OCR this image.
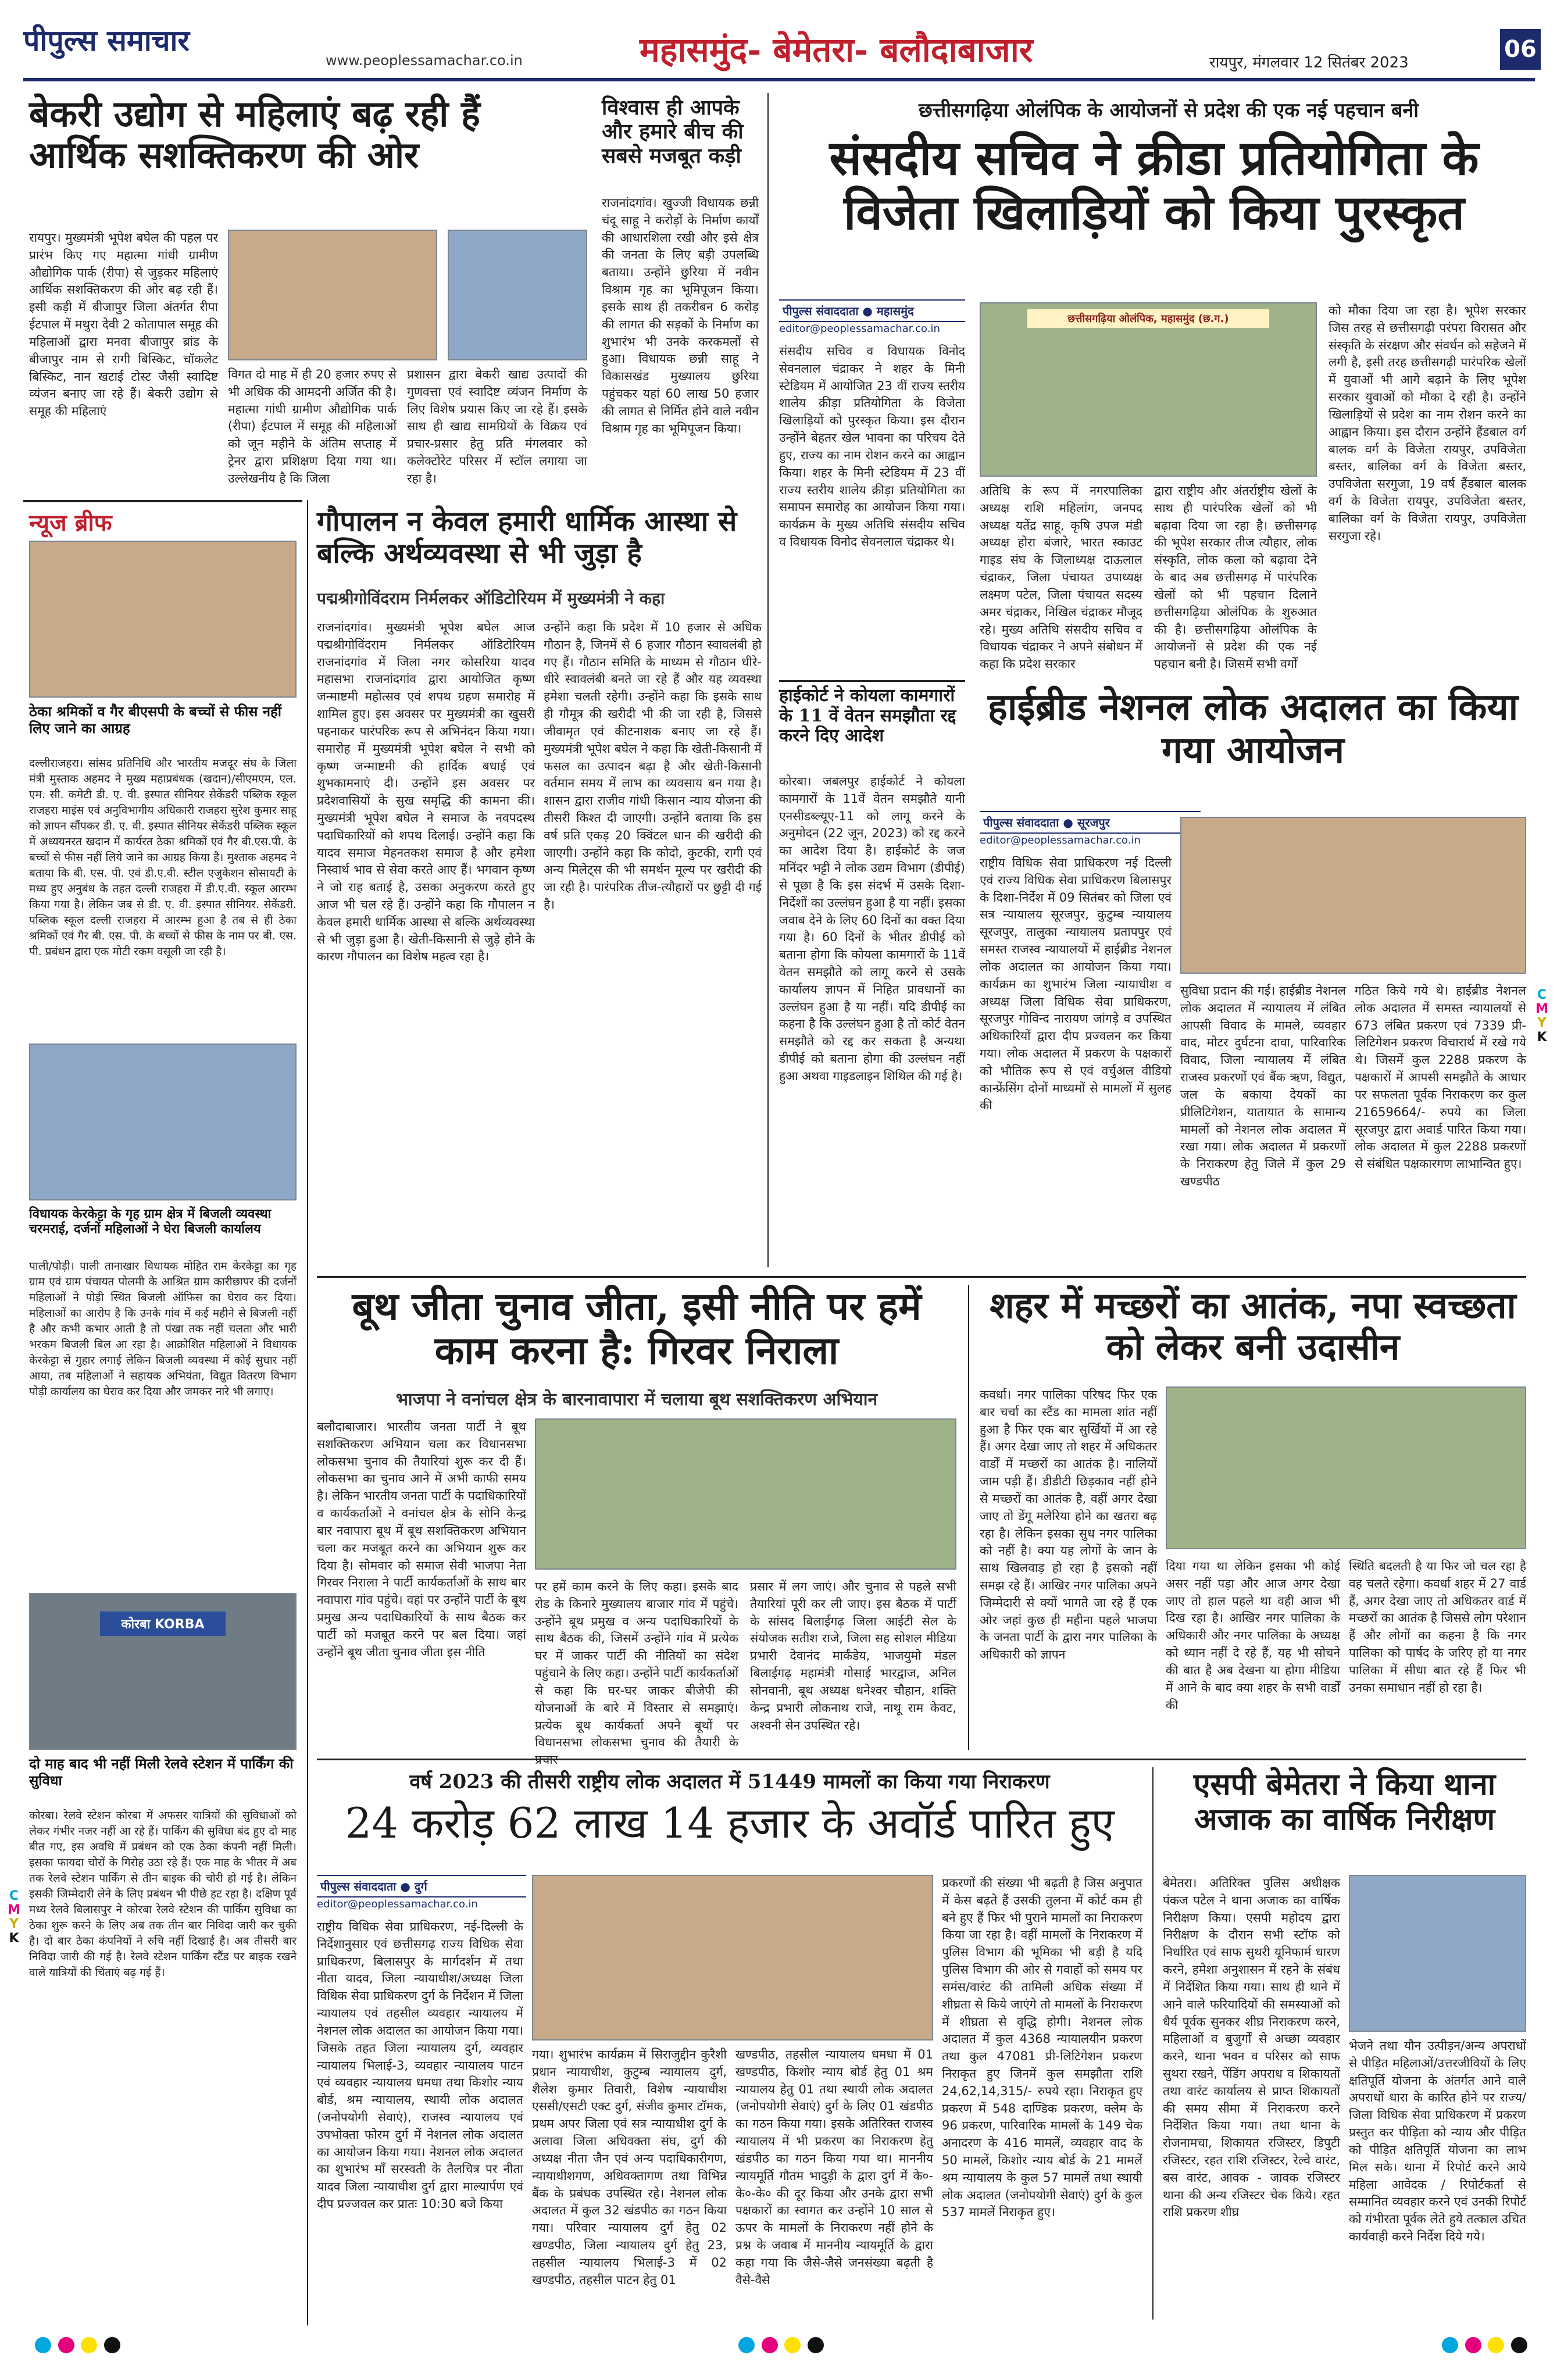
पीपुल्स समाचार
www.peoplessamachar.co.in	महासमुंद- बेमेतरा- बलौदाबाजार	रायपुर, मंगलवार 12 सितंबर 2023	06
बेकरी उद्योग से महिलाएं बढ़ रही हैं आर्थिक सशक्तिकरण की ओर
रायपुर। मुख्यमंत्री भूपेश बघेल की पहल पर प्रारंभ किए गए महात्मा गांधी ग्रामीण औद्योगिक पार्क (रीपा) से जुड़कर महिलाएं आर्थिक सशक्तिकरण की ओर बढ़ रही हैं। इसी कड़ी में बीजापुर जिला अंतर्गत रीपा ईटपाल में मथुरा देवी 2 कोतापाल समूह की महिलाओं द्वारा मनवा बीजापुर ब्रांड के बीजापुर नाम से रागी बिस्किट, चॉकलेट बिस्किट, नान खटाई टोस्ट जैसी स्वादिष्ट व्यंजन बनाए जा रहे हैं। बेकरी उद्योग से समूह की महिलाएं
विगत दो माह में ही 20 हजार रुपए से भी अधिक की आमदनी अर्जित की है। महात्मा गांधी ग्रामीण औद्योगिक पार्क (रीपा) ईटपाल में समूह की महिलाओं को जून महीने के अंतिम सप्ताह में ट्रेनर द्वारा प्रशिक्षण दिया गया था। उल्लेखनीय है कि जिला
प्रशासन द्वारा बेकरी खाद्य उत्पादों की गुणवत्ता एवं स्वादिष्ट व्यंजन निर्माण के लिए विशेष प्रयास किए जा रहे हैं। इसके साथ ही खाद्य सामग्रियों के विक्रय एवं प्रचार-प्रसार हेतु प्रति मंगलवार को कलेक्टोरेट परिसर में स्टॉल लगाया जा रहा है।
विश्वास ही आपके और हमारे बीच की सबसे मजबूत कड़ी
राजनांदगांव। खुज्जी विधायक छन्नी चंदू साहू ने करोड़ों के निर्माण कार्यों की आधारशिला रखी और इसे क्षेत्र की जनता के लिए बड़ी उपलब्धि बताया। उन्होंने छुरिया में नवीन विश्राम गृह का भूमिपूजन किया। इसके साथ ही तकरीबन 6 करोड़ की लागत की सड़कों के निर्माण का शुभारंभ भी उनके करकमलों से हुआ। विधायक छन्नी साहू ने विकासखंड मुख्यालय छुरिया पहुंचकर यहां 60 लाख 50 हजार की लागत से निर्मित होने वाले नवीन विश्राम गृह का भूमिपूजन किया।
छत्तीसगढ़िया ओलंपिक के आयोजनों से प्रदेश की एक नई पहचान बनी
संसदीय सचिव ने क्रीडा प्रतियोगिता के विजेता खिलाड़ियों को किया पुरस्कृत
पीपुल्स संवाददाता ● महासमुंद
editor@peoplessamachar.co.in
संसदीय सचिव व विधायक विनोद सेवनलाल चंद्राकर ने शहर के मिनी स्टेडियम में आयोजित 23 वीं राज्य स्तरीय शालेय क्रीड़ा प्रतियोगिता के विजेता खिलाड़ियों को पुरस्कृत किया। इस दौरान उन्होंने बेहतर खेल भावना का परिचय देते हुए, राज्य का नाम रोशन करने का आह्वान किया। शहर के मिनी स्टेडियम में 23 वीं राज्य स्तरीय शालेय क्रीड़ा प्रतियोगिता का समापन समारोह का आयोजन किया गया। कार्यक्रम के मुख्य अतिथि संसदीय सचिव व विधायक विनोद सेवनलाल चंद्राकर थे।
छत्तीसगढ़िया ओलंपिक, महासमुंद (छ.ग.)
अतिथि के रूप में नगरपालिका अध्यक्ष राशि महिलांग, जनपद अध्यक्ष यतेंद्र साहू, कृषि उपज मंडी अध्यक्ष होरा बंजारे, भारत स्काउट गाइड संघ के जिलाध्यक्ष दाऊलाल चंद्राकर, जिला पंचायत उपाध्यक्ष लक्ष्मण पटेल, जिला पंचायत सदस्य अमर चंद्राकर, निखिल चंद्राकर मौजूद रहे। मुख्य अतिथि संसदीय सचिव व विधायक चंद्राकर ने अपने संबोधन में कहा कि प्रदेश सरकार
द्वारा राष्ट्रीय और अंतर्राष्ट्रीय खेलों के साथ ही पारंपरिक खेलों को भी बढ़ावा दिया जा रहा है। छत्तीसगढ़ की भूपेश सरकार तीज त्यौहार, लोक संस्कृति, लोक कला को बढ़ावा देने के बाद अब छत्तीसगढ़ में पारंपरिक खेलों को भी पहचान दिलाने छत्तीसगढ़िया ओलंपिक के शुरुआत की है। छत्तीसगढ़िया ओलंपिक के आयोजनों से प्रदेश की एक नई पहचान बनी है। जिसमें सभी वर्गों
को मौका दिया जा रहा है। भूपेश सरकार जिस तरह से छत्तीसगढ़ी परंपरा विरासत और संस्कृति के संरक्षण और संवर्धन को सहेजने में लगी है, इसी तरह छत्तीसगढ़ी पारंपरिक खेलों में युवाओं भी आगे बढ़ाने के लिए भूपेश सरकार युवाओं को मौका दे रही है। उन्होंने खिलाड़ियों से प्रदेश का नाम रोशन करने का आह्वान किया। इस दौरान उन्होंने हैंडबाल वर्ग बालक वर्ग के विजेता रायपुर, उपविजेता बस्तर, बालिका वर्ग के विजेता बस्तर, उपविजेता सरगुजा, 19 वर्ष हैंडबाल बालक वर्ग के विजेता रायपुर, उपविजेता बस्तर, बालिका वर्ग के विजेता रायपुर, उपविजेता सरगुजा रहे।
न्यूज ब्रीफ
ठेका श्रमिकों व गैर बीएसपी के बच्चों से फीस नहीं लिए जाने का आग्रह
दल्लीराजहरा। सांसद प्रतिनिधि और भारतीय मजदूर संघ के जिला मंत्री मुस्ताक अहमद ने मुख्य महाप्रबंधक (खदान)/सीएमएम, एल. एम. सी. कमेटी डी. ए. वी. इस्पात सीनियर सेकेंडरी पब्लिक स्कूल राजहरा माइंस एवं अनुविभागीय अधिकारी राजहरा सुरेश कुमार साहू को ज्ञापन सौंपकर डी. ए. वी. इस्पात सीनियर सेकेंडरी पब्लिक स्कूल में अध्ययनरत खदान में कार्यरत ठेका श्रमिकों एवं गैर बी.एस.पी. के बच्चों से फीस नहीं लिये जाने का आग्रह किया है। मुश्ताक अहमद ने बताया कि बी. एस. पी. एवं डी.ए.वी. स्टील एजुकेशन सोसायटी के मध्य हुए अनुबंध के तहत दल्ली राजहरा में डी.ए.वी. स्कूल आरम्भ किया गया है। लेकिन जब से डी. ए. वी. इस्पात सीनियर. सेकेंडरी. पब्लिक स्कूल दल्ली राजहरा में आरम्भ हुआ है तब से ही ठेका श्रमिकों एवं गैर बी. एस. पी. के बच्चों से फीस के नाम पर बी. एस. पी. प्रबंधन द्वारा एक मोटी रकम वसूली जा रही है।
विधायक केरकेट्टा के गृह ग्राम क्षेत्र में बिजली व्यवस्था चरमराई, दर्जनों महिलाओं ने घेरा बिजली कार्यालय
पाली/पोड़ी। पाली तानाखार विधायक मोहित राम केरकेट्टा का गृह ग्राम एवं ग्राम पंचायत पोलमी के आश्रित ग्राम कारीछापर की दर्जनों महिलाओं ने पोड़ी स्थित बिजली ऑफिस का घेराव कर दिया। महिलाओं का आरोप है कि उनके गांव में कई महीने से बिजली नहीं है और कभी कभार आती है तो पंखा तक नहीं चलता और भारी भरकम बिजली बिल आ रहा है। आक्रोशित महिलाओं ने विधायक केरकेट्टा से गुहार लगाई लेकिन बिजली व्यवस्था में कोई सुधार नहीं आया, तब महिलाओं ने सहायक अभियंता, विद्युत वितरण विभाग पोड़ी कार्यालय का घेराव कर दिया और जमकर नारे भी लगाए।
कोरबा KORBA
दो माह बाद भी नहीं मिली रेलवे स्टेशन में पार्किंग की सुविधा
कोरबा। रेलवे स्टेशन कोरबा में अफसर यात्रियों की सुविधाओं को लेकर गंभीर नजर नहीं आ रहे हैं। पार्किंग की सुविधा बंद हुए दो माह बीत गए, इस अवधि में प्रबंधन को एक ठेका कंपनी नहीं मिली। इसका फायदा चोरों के गिरोह उठा रहे हैं। एक माह के भीतर में अब तक रेलवे स्टेशन पार्किंग से तीन बाइक की चोरी हो गई है। लेकिन इसकी जिम्मेदारी लेने के लिए प्रबंधन भी पीछे हट रहा है। दक्षिण पूर्व मध्य रेलवे बिलासपुर ने कोरबा रेलवे स्टेशन की पार्किंग सुविधा का ठेका शुरू करने के लिए अब तक तीन बार निविदा जारी कर चुकी है। दो बार ठेका कंपनियों ने रुचि नहीं दिखाई है। अब तीसरी बार निविदा जारी की गई है। रेलवे स्टेशन पार्किंग स्टैंड पर बाइक रखने वाले यात्रियों की चिंताएं बढ़ गई हैं।
गौपालन न केवल हमारी धार्मिक आस्था से बल्कि अर्थव्यवस्था से भी जुड़ा है
पद्मश्रीगोविंदराम निर्मलकर ऑडिटोरियम में मुख्यमंत्री ने कहा
राजनांदगांव। मुख्यमंत्री भूपेश बघेल आज पद्मश्रीगोविंदराम निर्मलकर ऑडिटोरियम राजनांदगांव में जिला नगर कोसरिया यादव महासभा राजनांदगांव द्वारा आयोजित कृष्ण जन्माष्टमी महोत्सव एवं शपथ ग्रहण समारोह में शामिल हुए। इस अवसर पर मुख्यमंत्री का खुसरी पहनाकर पारंपरिक रूप से अभिनंदन किया गया। समारोह में मुख्यमंत्री भूपेश बघेल ने सभी को कृष्ण जन्माष्टमी की हार्दिक बधाई एवं शुभकामनाएं दी। उन्होंने इस अवसर पर प्रदेशवासियों के सुख समृद्धि की कामना की। मुख्यमंत्री भूपेश बघेल ने समाज के नवपदस्थ पदाधिकारियों को शपथ दिलाई। उन्होंने कहा कि यादव समाज मेहनतकश समाज है और हमेशा निस्वार्थ भाव से सेवा करते आए हैं। भगवान कृष्ण ने जो राह बताई है, उसका अनुकरण करते हुए आज भी चल रहे हैं। उन्होंने कहा कि गौपालन न केवल हमारी धार्मिक आस्था से बल्कि अर्थव्यवस्था से भी जुड़ा हुआ है। खेती-किसानी से जुड़े होने के कारण गौपालन का विशेष महत्व रहा है।
उन्होंने कहा कि प्रदेश में 10 हजार से अधिक गौठान है, जिनमें से 6 हजार गौठान स्वावलंबी हो गए हैं। गौठान समिति के माध्यम से गौठान धीरे-धीरे स्वावलंबी बनते जा रहे हैं और यह व्यवस्था हमेशा चलती रहेगी। उन्होंने कहा कि इसके साथ ही गौमूत्र की खरीदी भी की जा रही है, जिससे जीवामृत एवं कीटनाशक बनाए जा रहे हैं। मुख्यमंत्री भूपेश बघेल ने कहा कि खेती-किसानी में फसल का उत्पादन बढ़ा है और खेती-किसानी वर्तमान समय में लाभ का व्यवसाय बन गया है। शासन द्वारा राजीव गांधी किसान न्याय योजना की तीसरी किश्त दी जाएगी। उन्होंने बताया कि इस वर्ष प्रति एकड़ 20 क्विंटल धान की खरीदी की जाएगी। उन्होंने कहा कि कोदो, कुटकी, रागी एवं अन्य मिलेट्स की भी समर्थन मूल्य पर खरीदी की जा रही है। पारंपरिक तीज-त्यौहारों पर छुट्टी दी गई है।
हाईकोर्ट ने कोयला कामगारों के 11 वें वेतन समझौता रद्द करने दिए आदेश
कोरबा। जबलपुर हाईकोर्ट ने कोयला कामगारों के 11वें वेतन समझौते यानी एनसीडब्ल्यूए-11 को लागू करने के अनुमोदन (22 जून, 2023) को रद्द करने का आदेश दिया है। हाईकोर्ट के जज मनिंदर भट्टी ने लोक उद्यम विभाग (डीपीई) से पूछा है कि इस संदर्भ में उसके दिशा-निर्देशों का उल्लंघन हुआ है या नहीं। इसका जवाब देने के लिए 60 दिनों का वक्त दिया गया है। 60 दिनों के भीतर डीपीई को बताना होगा कि कोयला कामगारों के 11वें वेतन समझौते को लागू करने से उसके कार्यालय ज्ञापन में निहित प्रावधानों का उल्लंघन हुआ है या नहीं। यदि डीपीई का कहना है कि उल्लंघन हुआ है तो कोर्ट वेतन समझौते को रद्द कर सकता है अन्यथा डीपीई को बताना होगा की उल्लंघन नहीं हुआ अथवा गाइडलाइन शिथिल की गई है।
हाईब्रीड नेशनल लोक अदालत का किया गया आयोजन
पीपुल्स संवाददाता ● सूरजपुर
editor@peoplessamachar.co.in
राष्ट्रीय विधिक सेवा प्राधिकरण नई दिल्ली एवं राज्य विधिक सेवा प्राधिकरण बिलासपुर के दिशा-निर्देश में 09 सितंबर को जिला एवं सत्र न्यायालय सूरजपुर, कुटुम्ब न्यायालय सूरजपुर, तालुका न्यायालय प्रतापपुर एवं समस्त राजस्व न्यायालयों में हाईब्रीड नेशनल लोक अदालत का आयोजन किया गया। कार्यक्रम का शुभारंभ जिला न्यायाधीश व अध्यक्ष जिला विधिक सेवा प्राधिकरण, सूरजपुर गोविन्द नारायण जांगड़े व उपस्थित अधिकारियों द्वारा दीप प्रज्वलन कर किया गया। लोक अदालत में प्रकरण के पक्षकारों को भौतिक रूप से एवं वर्चुअल वीडियो कान्फ्रेंसिंग दोनों माध्यमों से मामलों में सुलह की
सुविधा प्रदान की गई। हाईब्रीड नेशनल लोक अदालत में न्यायालय में लंबित आपसी विवाद के मामले, व्यवहार वाद, मोटर दुर्घटना दावा, पारिवारिक विवाद, जिला न्यायालय में लंबित राजस्व प्रकरणों एवं बैंक ऋण, विद्युत, जल के बकाया देयकों का प्रीलिटिगेशन, यातायात के सामान्य मामलों को नेशनल लोक अदालत में रखा गया। लोक अदालत में प्रकरणों के निराकरण हेतु जिले में कुल 29 खण्डपीठ
गठित किये गये थे। हाईब्रीड नेशनल लोक अदालत में समस्त न्यायालयों से 673 लंबित प्रकरण एवं 7339 प्री-लिटिगेशन प्रकरण विचारार्थ में रखे गये थे। जिसमें कुल 2288 प्रकरण के पक्षकारों में आपसी समझौते के आधार पर सफलता पूर्वक निराकरण कर कुल 21659664/- रुपये का जिला सूरजपुर द्वारा अवार्ड पारित किया गया। लोक अदालत में कुल 2288 प्रकरणों से संबंधित पक्षकारगण लाभान्वित हुए।
बूथ जीता चुनाव जीता, इसी नीति पर हमें काम करना है: गिरवर निराला
भाजपा ने वनांचल क्षेत्र के बारनावापारा में चलाया बूथ सशक्तिकरण अभियान
बलौदाबाजार। भारतीय जनता पार्टी ने बूथ सशक्तिकरण अभियान चला कर विधानसभा लोकसभा चुनाव की तैयारियां शुरू कर दी हैं। लोकसभा का चुनाव आने में अभी काफी समय है। लेकिन भारतीय जनता पार्टी के पदाधिकारियों व कार्यकर्ताओं ने वनांचल क्षेत्र के सोनि केन्द्र बार नवापारा बूथ में बूथ सशक्तिकरण अभियान चला कर मजबूत करने का अभियान शुरू कर दिया है। सोमवार को समाज सेवी भाजपा नेता गिरवर निराला ने पार्टी कार्यकर्ताओं के साथ बार नवापारा गांव पहुंचे। वहां पर उन्होंने पार्टी के बूथ प्रमुख अन्य पदाधिकारियों के साथ बैठक कर पार्टी को मजबूत करने पर बल दिया। जहां उन्होंने बूथ जीता चुनाव जीता इस नीति
पर हमें काम करने के लिए कहा। इसके बाद रोड के किनारे मुख्यालय बाजार गांव में पहुंचे। उन्होंने बूथ प्रमुख व अन्य पदाधिकारियों के साथ बैठक की, जिसमें उन्होंने गांव में प्रत्येक घर में जाकर पार्टी की नीतियों का संदेश पहुंचाने के लिए कहा। उन्होंने पार्टी कार्यकर्ताओं से कहा कि घर-घर जाकर बीजेपी की योजनाओं के बारे में विस्तार से समझाएं। प्रत्येक बूथ कार्यकर्ता अपने बूथों पर विधानसभा लोकसभा चुनाव की तैयारी के
प्रसार में लग जाएं। और चुनाव से पहले सभी तैयारियां पूरी कर ली जाए। इस बैठक में पार्टी के सांसद बिलाईगढ़ जिला आईटी सेल के संयोजक सतीश राजे, जिला सह सोशल मीडिया प्रभारी देवानंद मार्कंडेय, भाजयुमो मंडल बिलाईगढ़ महामंत्री गोसाई भारद्वाज, अनिल सोनवानी, बूथ अध्यक्ष धनेश्वर चौहान, शक्ति केन्द्र प्रभारी लोकनाथ राजे, नाथू राम केवट, अश्वनी सेन उपस्थित रहे।
शहर में मच्छरों का आतंक, नपा स्वच्छता को लेकर बनी उदासीन
कवर्धा। नगर पालिका परिषद फिर एक बार चर्चा का स्टैंड का मामला शांत नहीं हुआ है फिर एक बार सुर्खियों में आ रहे हैं। अगर देखा जाए तो शहर में अधिकतर वार्डों में मच्छरों का आतंक है। नालियों जाम पड़ी हैं। डीडीटी छिड़काव नहीं होने से मच्छरों का आतंक है, वहीं अगर देखा जाए तो डेंगू मलेरिया होने का खतरा बढ़ रहा है। लेकिन इसका सुध नगर पालिका को नहीं है। क्या यह लोगों के जान के साथ खिलवाड़ हो रहा है इसको नहीं समझ रहे हैं। आखिर नगर पालिका अपने जिम्मेदारी से क्यों भागते जा रहे हैं एक ओर जहां कुछ ही महीना पहले भाजपा के जनता पार्टी के द्वारा नगर पालिका के अधिकारी को ज्ञापन
दिया गया था लेकिन इसका भी कोई असर नहीं पड़ा और आज अगर देखा जाए तो हाल पहले था वही आज भी दिख रहा है। आखिर नगर पालिका के अधिकारी और नगर पालिका के अध्यक्ष को ध्यान नहीं दे रहे हैं, यह भी सोचने की बात है अब देखना या होगा मीडिया में आने के बाद क्या शहर के सभी वार्डों की
स्थिति बदलती है या फिर जो चल रहा है वह चलते रहेगा। कवर्धा शहर में 27 वार्ड हैं, अगर देखा जाए तो अधिकतर वार्ड में मच्छरों का आतंक है जिससे लोग परेशान हैं और लोगों का कहना है कि नगर पालिका को पार्षद के जरिए हो या नगर पालिका में सीधा बात रहे हैं फिर भी उनका समाधान नहीं हो रहा है।
वर्ष 2023 की तीसरी राष्ट्रीय लोक अदालत में 51449 मामलों का किया गया निराकरण
24 करोड़ 62 लाख 14 हजार के अवॉर्ड पारित हुए
पीपुल्स संवाददाता ● दुर्ग
editor@peoplessamachar.co.in
राष्ट्रीय विधिक सेवा प्राधिकरण, नई-दिल्ली के निर्देशानुसार एवं छत्तीसगढ़ राज्य विधिक सेवा प्राधिकरण, बिलासपुर के मार्गदर्शन में तथा नीता यादव, जिला न्यायाधीश/अध्यक्ष जिला विधिक सेवा प्राधिकरण दुर्ग के निर्देशन में जिला न्यायालय एवं तहसील व्यवहार न्यायालय में नेशनल लोक अदालत का आयोजन किया गया। जिसके तहत जिला न्यायालय दुर्ग, व्यवहार न्यायालय भिलाई-3, व्यवहार न्यायालय पाटन एवं व्यवहार न्यायालय धमधा तथा किशोर न्याय बोर्ड, श्रम न्यायालय, स्थायी लोक अदालत (जनोपयोगी सेवाएं), राजस्व न्यायालय एवं उपभोक्ता फोरम दुर्ग में नेशनल लोक अदालत का आयोजन किया गया। नेशनल लोक अदालत का शुभारंभ माँ सरस्वती के तैलचित्र पर नीता यादव जिला न्यायाधीश दुर्ग द्वारा माल्यार्पण एवं दीप प्रज्जवल कर प्रातः 10:30 बजे किया
गया। शुभारंभ कार्यक्रम में सिराजुद्दीन कुरैशी प्रधान न्यायाधीश, कुटुम्ब न्यायालय दुर्ग, शैलेश कुमार तिवारी, विशेष न्यायाधीश एससी/एसटी एक्ट दुर्ग, संजीव कुमार टॉमक, प्रथम अपर जिला एवं सत्र न्यायाधीश दुर्ग के अलावा जिला अधिवक्ता संघ, दुर्ग की अध्यक्ष नीता जैन एवं अन्य पदाधिकारीगण, न्यायाधीशगण, अधिवक्तागण तथा विभिन्न बैंक के प्रबंधक उपस्थित रहे। नेशनल लोक अदालत में कुल 32 खंडपीठ का गठन किया गया। परिवार न्यायालय दुर्ग हेतु 02 खण्डपीठ, जिला न्यायालय दुर्ग हेतु 23, तहसील न्यायालय भिलाई-3 में 02 खण्डपीठ, तहसील पाटन हेतु 01
खण्डपीठ, तहसील न्यायालय धमधा में 01 खण्डपीठ, किशोर न्याय बोर्ड हेतु 01 श्रम न्यायालय हेतु 01 तथा स्थायी लोक अदालत (जनोपयोगी सेवाएं) दुर्ग के लिए 01 खंडपीठ का गठन किया गया। इसके अतिरिक्त राजस्व न्यायालय में भी प्रकरण का निराकरण हेतु खंडपीठ का गठन किया गया था। माननीय न्यायमूर्ति गौतम भादुड़ी के द्वारा दुर्ग में के०-के०-के० की दूर किया और उनके द्वारा सभी पक्षकारों का स्वागत कर उन्होंने 10 साल से ऊपर के मामलों के निराकरण नहीं होने के प्रश्न के जवाब में माननीय न्यायमूर्ति के द्वारा कहा गया कि जैसे-जैसे जनसंख्या बढ़ती है वैसे-वैसे
प्रकरणों की संख्या भी बढ़ती है जिस अनुपात में केस बढ़ते हैं उसकी तुलना में कोर्ट कम ही बने हुए हैं फिर भी पुराने मामलों का निराकरण किया जा रहा है। वहीं मामलों के निराकरण में पुलिस विभाग की भूमिका भी बड़ी है यदि पुलिस विभाग की ओर से गवाहों को समय पर समंस/वारंट की तामिली अधिक संख्या में शीघ्रता से किये जाएंगे तो मामलों के निराकरण में शीघ्रता से वृद्धि होगी। नेशनल लोक अदालत में कुल 4368 न्यायालयीन प्रकरण तथा कुल 47081 प्री-लिटिगेशन प्रकरण निराकृत हुए जिनमें कुल समझौता राशि 24,62,14,315/- रुपये रहा। निराकृत हुए प्रकरण में 548 दाण्डिक प्रकरण, क्लेम के 96 प्रकरण, पारिवारिक मामलों के 149 चेक अनादरण के 416 मामलें, व्यवहार वाद के 50 मामलें, किशोर न्याय बोर्ड के 21 मामलें श्रम न्यायालय के कुल 57 मामलें तथा स्थायी लोक अदालत (जनोपयोगी सेवाएं) दुर्ग के कुल 537 मामलें निराकृत हुए।
एसपी बेमेतरा ने किया थाना अजाक का वार्षिक निरीक्षण
बेमेतरा। अतिरिक्त पुलिस अधीक्षक पंकज पटेल ने थाना अजाक का वार्षिक निरीक्षण किया। एसपी महोदय द्वारा निरीक्षण के दौरान सभी स्टॉफ को निर्धारित एवं साफ सुथरी यूनिफार्म धारण करने, हमेशा अनुशासन में रहने के संबंध में निर्देशित किया गया। साथ ही थाने में आने वाले फरियादियों की समस्याओं को धैर्य पूर्वक सुनकर शीघ्र निराकरण करने, महिलाओं व बुजुर्गों से अच्छा व्यवहार करने, थाना भवन व परिसर को साफ सुथरा रखने, पेंडिंग अपराध व शिकायतों तथा वारंट कार्यालय से प्राप्त शिकायतों की समय सीमा में निराकरण करने निर्देशित किया गया। तथा थाना के रोजनामचा, शिकायत रजिस्टर, डिपुटी रजिस्टर, रहत राशि रजिस्टर, रेल्वे वारंट, बस वारंट, आवक - जावक रजिस्टर थाना की अन्य रजिस्टर चेक किये। रहत राशि प्रकरण शीघ्र
भेजने तथा यौन उत्पीड़न/अन्य अपराधों से पीड़ित महिलाओं/उत्तरजीवियों के लिए क्षतिपूर्ति योजना के अंतर्गत आने वाले अपराधों धारा के कारित होने पर राज्य/जिला विधिक सेवा प्राधिकरण में प्रकरण प्रस्तुत कर पीड़िता को न्याय और पीड़ित को पीड़ित क्षतिपूर्ति योजना का लाभ मिल सके। थाना में रिपोर्ट करने आये महिला आवेदक / रिपोर्टकर्ता से सम्मानित व्यवहार करने एवं उनकी रिपोर्ट को गंभीरता पूर्वक लेते हुये तत्काल उचित कार्यवाही करने निर्देश दिये गये।

C
M
Y
K
C
M
Y
K
